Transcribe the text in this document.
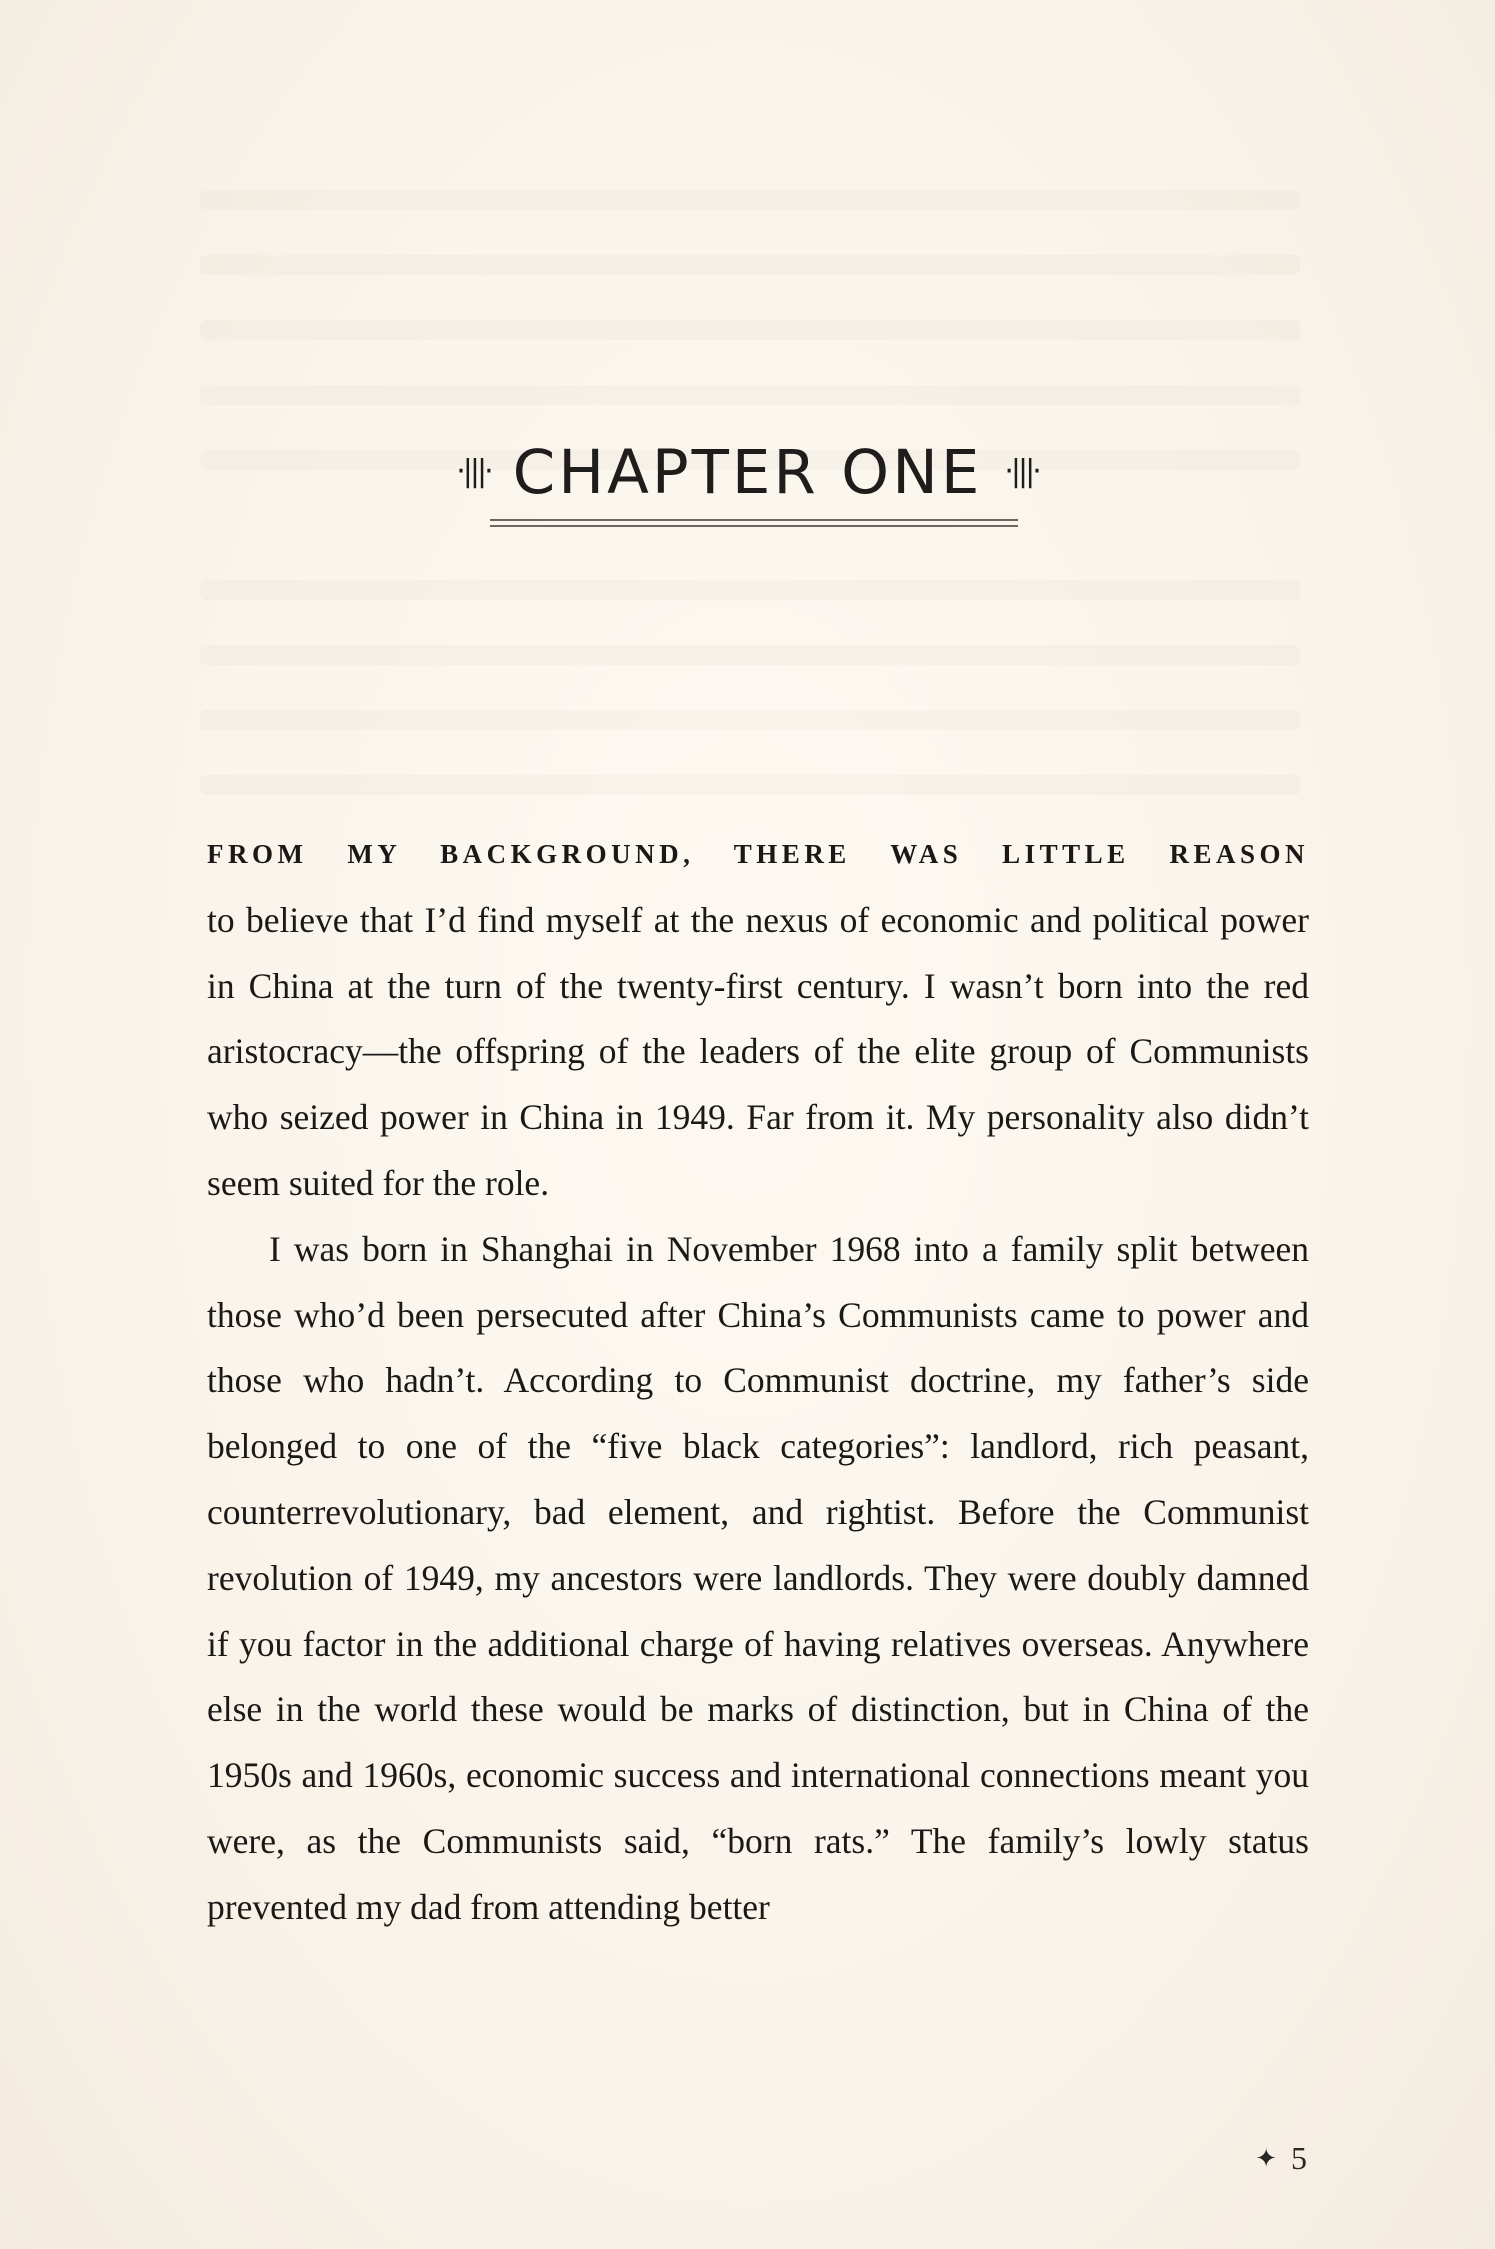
·|||· CHAPTER ONE ·|||·
FROM MY BACKGROUND, THERE WAS LITTLE REASON

to believe that I’d find myself at the nexus of economic and political power in China at the turn of the twenty-first century. I wasn’t born into the red aristocracy—the offspring of the leaders of the elite group of Communists who seized power in China in 1949. Far from it. My personality also didn’t seem suited for the role.

I was born in Shanghai in November 1968 into a family split between those who’d been persecuted after China’s Communists came to power and those who hadn’t. According to Communist doctrine, my father’s side belonged to one of the “five black categories”: landlord, rich peasant, counterrevolutionary, bad element, and rightist. Before the Communist revolution of 1949, my ancestors were landlords. They were doubly damned if you factor in the additional charge of having relatives overseas. Anywhere else in the world these would be marks of distinction, but in China of the 1950s and 1960s, economic success and international connections meant you were, as the Communists said, “born rats.” The family’s lowly status prevented my dad from attending better

✦ 5
